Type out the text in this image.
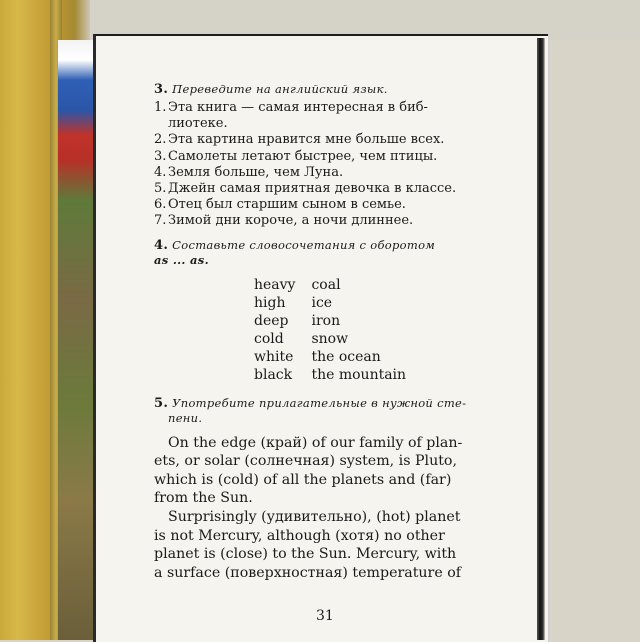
3. Переведите на английский язык.

1. Эта книга — самая интересная в биб-
лиотеке.
2. Эта картина нравится мне больше всех.
3. Самолеты летают быстрее, чем птицы.
4. Земля больше, чем Луна.
5. Джейн самая приятная девочка в классе.
6. Отец был старшим сыном в семье.
7. Зимой дни короче, а ночи длиннее.

4. Составьте словосочетания с оборотом

as ... as.
heavy	coal
high	ice
deep	iron
cold	snow
white	the ocean
black	the mountain

5. Употребите прилагательные в нужной сте-

пени.
On the edge (край) of our family of plan-
ets, or solar (солнечная) system, is Pluto,
which is (cold) of all the planets and (far)
from the Sun.
Surprisingly (удивительно), (hot) planet
is not Mercury, although (хотя) no other
planet is (close) to the Sun. Mercury, with
a surface (поверхностная) temperature of
31
